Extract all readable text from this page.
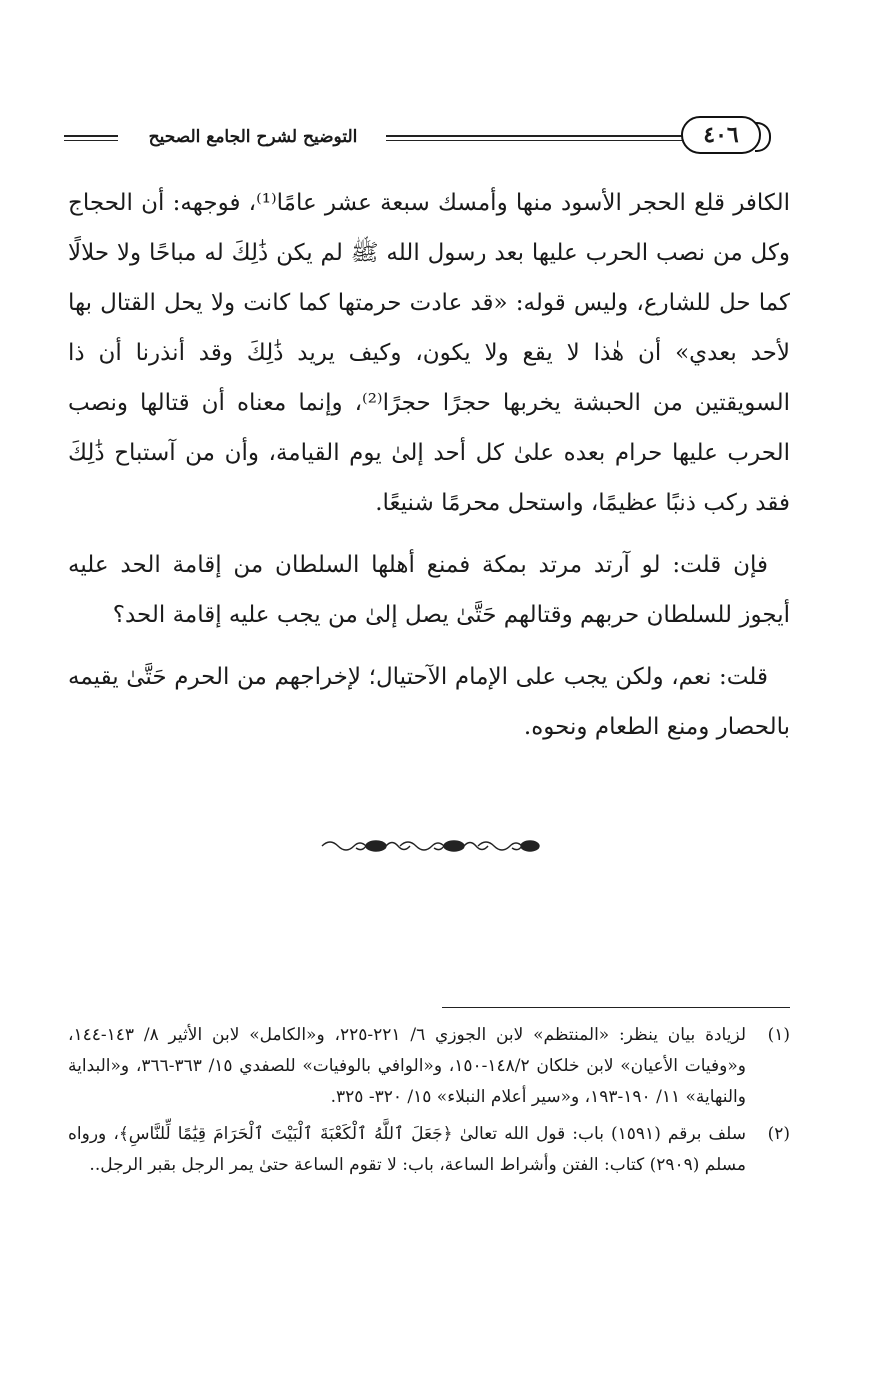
التوضيح لشرح الجامع الصحيح	٤٠٦

الكافر قلع الحجر الأسود منها وأمسك سبعة عشر عامًا⁽¹⁾، فوجهه: أن الحجاج وكل من نصب الحرب عليها بعد رسول الله ﷺ لم يكن ذَٰلِكَ له مباحًا ولا حلالًا كما حل للشارع، وليس قوله: «قد عادت حرمتها كما كانت ولا يحل القتال بها لأحد بعدي» أن هٰذا لا يقع ولا يكون، وكيف يريد ذَٰلِكَ وقد أنذرنا أن ذا السويقتين من الحبشة يخربها حجرًا حجرًا⁽²⁾، وإنما معناه أن قتالها ونصب الحرب عليها حرام بعده علىٰ كل أحد إلىٰ يوم القيامة، وأن من آستباح ذَٰلِكَ فقد ركب ذنبًا عظيمًا، واستحل محرمًا شنيعًا.

فإن قلت: لو آرتد مرتد بمكة فمنع أهلها السلطان من إقامة الحد عليه أيجوز للسلطان حربهم وقتالهم حَتَّىٰ يصل إلىٰ من يجب عليه إقامة الحد؟

قلت: نعم، ولكن يجب على الإمام الآحتيال؛ لإخراجهم من الحرم حَتَّىٰ يقيمه بالحصار ومنع الطعام ونحوه.

(١)
لزيادة بيان ينظر: «المنتظم» لابن الجوزي ٦/ ٢٢١-٢٢٥، و«الكامل» لابن الأثير ٨/ ١٤٣-١٤٤، و«وفيات الأعيان» لابن خلكان ١٤٨/٢-١٥٠، و«الوافي بالوفيات» للصفدي ١٥/ ٣٦٣-٣٦٦، و«البداية والنهاية» ١١/ ١٩٠-١٩٣، و«سير أعلام النبلاء» ١٥/ ٣٢٠- ٣٢٥.
(٢)
سلف برقم (١٥٩١) باب: قول الله تعالىٰ ﴿جَعَلَ ٱللَّهُ ٱلْكَعْبَةَ ٱلْبَيْتَ ٱلْحَرَامَ قِيَٰمًا لِّلنَّاسِ﴾، ورواه مسلم (٢٩٠٩) كتاب: الفتن وأشراط الساعة، باب: لا تقوم الساعة حتىٰ يمر الرجل بقبر الرجل..
